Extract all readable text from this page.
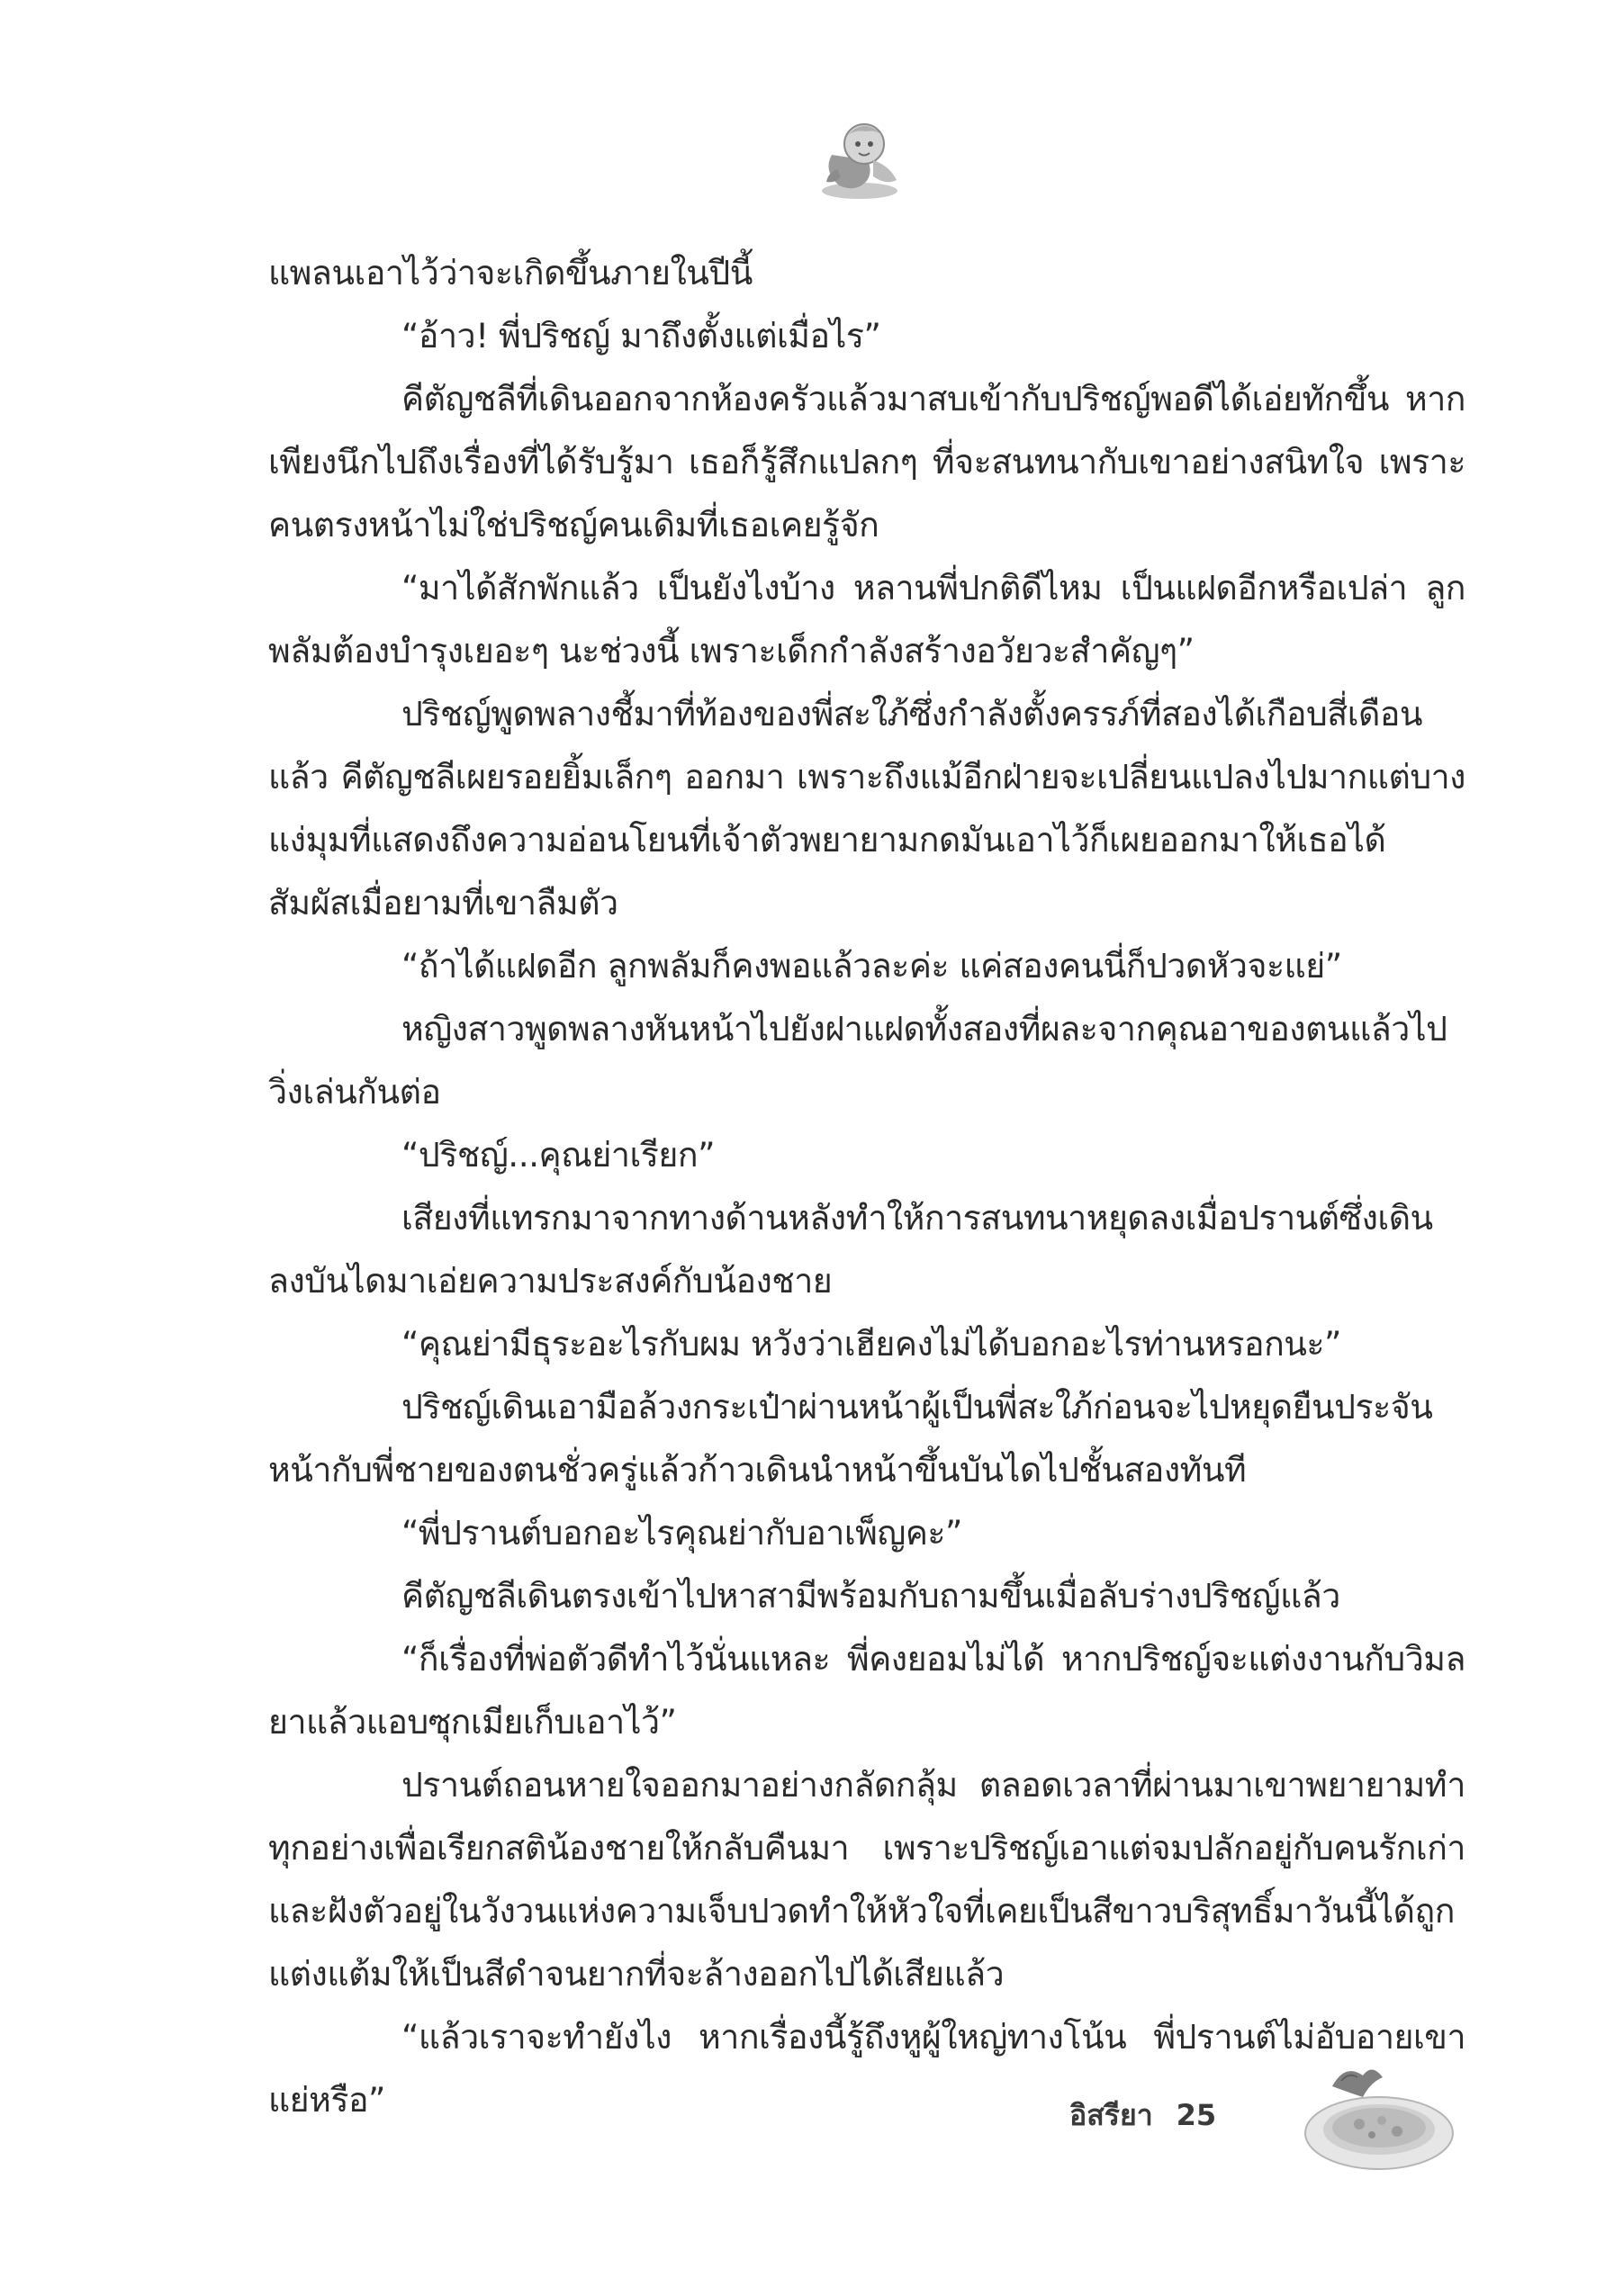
แพลนเอาไว้ว่าจะเกิดขึ้นภายในปีนี้

“อ้าว! พี่ปริชญ์ มาถึงตั้งแต่เมื่อไร”

คีตัญชลีที่เดินออกจากห้องครัวแล้วมาสบเข้ากับปริชญ์พอดีได้เอ่ยทักขึ้น หากเพียงนึกไปถึงเรื่องที่ได้รับรู้มา เธอก็รู้สึกแปลกๆ ที่จะสนทนากับเขาอย่างสนิทใจ เพราะคนตรงหน้าไม่ใช่ปริชญ์คนเดิมที่เธอเคยรู้จัก

“มาได้สักพักแล้ว เป็นยังไงบ้าง หลานพี่ปกติดีไหม เป็นแฝดอีกหรือเปล่า ลูกพลัมต้องบำรุงเยอะๆ นะช่วงนี้ เพราะเด็กกำลังสร้างอวัยวะสำคัญๆ”

ปริชญ์พูดพลางชี้มาที่ท้องของพี่สะใภ้ซึ่งกำลังตั้งครรภ์ที่สองได้เกือบสี่เดือนแล้ว คีตัญชลีเผยรอยยิ้มเล็กๆ ออกมา เพราะถึงแม้อีกฝ่ายจะเปลี่ยนแปลงไปมากแต่บางแง่มุมที่แสดงถึงความอ่อนโยนที่เจ้าตัวพยายามกดมันเอาไว้ก็เผยออกมาให้เธอได้สัมผัสเมื่อยามที่เขาลืมตัว

“ถ้าได้แฝดอีก ลูกพลัมก็คงพอแล้วละค่ะ แค่สองคนนี่ก็ปวดหัวจะแย่”

หญิงสาวพูดพลางหันหน้าไปยังฝาแฝดทั้งสองที่ผละจากคุณอาของตนแล้วไปวิ่งเล่นกันต่อ

“ปริชญ์...คุณย่าเรียก”

เสียงที่แทรกมาจากทางด้านหลังทำให้การสนทนาหยุดลงเมื่อปรานต์ซึ่งเดินลงบันไดมาเอ่ยความประสงค์กับน้องชาย

“คุณย่ามีธุระอะไรกับผม หวังว่าเฮียคงไม่ได้บอกอะไรท่านหรอกนะ”

ปริชญ์เดินเอามือล้วงกระเป๋าผ่านหน้าผู้เป็นพี่สะใภ้ก่อนจะไปหยุดยืนประจันหน้ากับพี่ชายของตนชั่วครู่แล้วก้าวเดินนำหน้าขึ้นบันไดไปชั้นสองทันที

“พี่ปรานต์บอกอะไรคุณย่ากับอาเพ็ญคะ”

คีตัญชลีเดินตรงเข้าไปหาสามีพร้อมกับถามขึ้นเมื่อลับร่างปริชญ์แล้ว

“ก็เรื่องที่พ่อตัวดีทำไว้นั่นแหละ พี่คงยอมไม่ได้ หากปริชญ์จะแต่งงานกับวิมลยาแล้วแอบซุกเมียเก็บเอาไว้”

ปรานต์ถอนหายใจออกมาอย่างกลัดกลุ้ม ตลอดเวลาที่ผ่านมาเขาพยายามทำทุกอย่างเพื่อเรียกสติน้องชายให้กลับคืนมา เพราะปริชญ์เอาแต่จมปลักอยู่กับคนรักเก่าและฝังตัวอยู่ในวังวนแห่งความเจ็บปวดทำให้หัวใจที่เคยเป็นสีขาวบริสุทธิ์มาวันนี้ได้ถูกแต่งแต้มให้เป็นสีดำจนยากที่จะล้างออกไปได้เสียแล้ว

“แล้วเราจะทำยังไง หากเรื่องนี้รู้ถึงหูผู้ใหญ่ทางโน้น พี่ปรานต์ไม่อับอายเขาแย่หรือ”	อิสรียา 25
